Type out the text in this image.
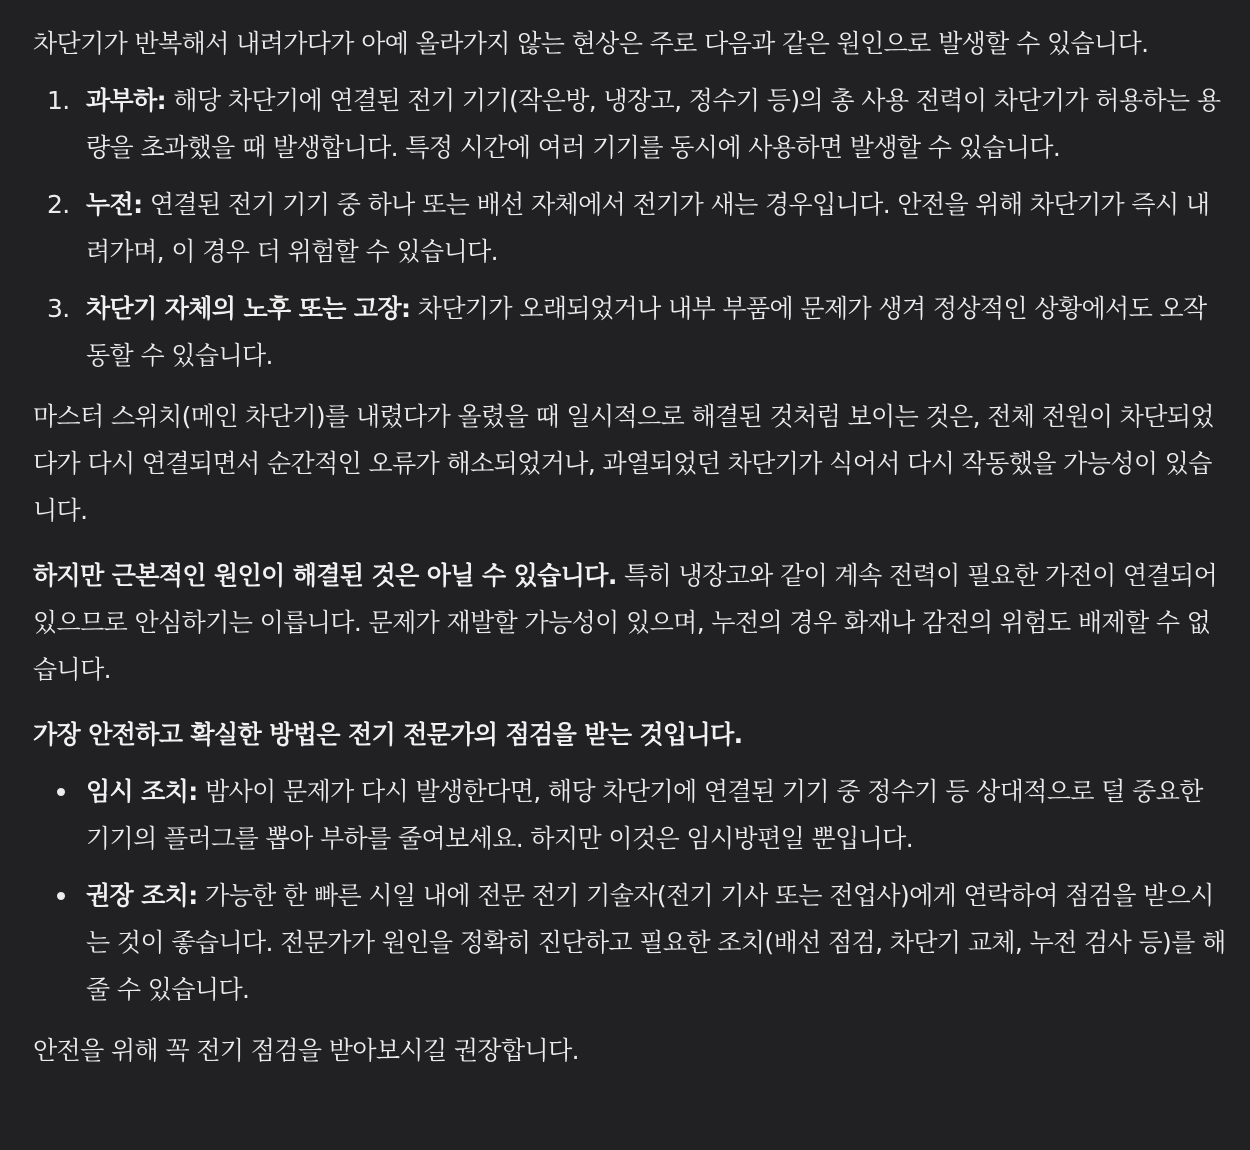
차단기가 반복해서 내려가다가 아예 올라가지 않는 현상은 주로 다음과 같은 원인으로 발생할 수 있습니다.

1. 과부하: 해당 차단기에 연결된 전기 기기(작은방, 냉장고, 정수기 등)의 총 사용 전력이 차단기가 허용하는 용량을 초과했을 때 발생합니다. 특정 시간에 여러 기기를 동시에 사용하면 발생할 수 있습니다.
2. 누전: 연결된 전기 기기 중 하나 또는 배선 자체에서 전기가 새는 경우입니다. 안전을 위해 차단기가 즉시 내려가며, 이 경우 더 위험할 수 있습니다.
3. 차단기 자체의 노후 또는 고장: 차단기가 오래되었거나 내부 부품에 문제가 생겨 정상적인 상황에서도 오작동할 수 있습니다.

마스터 스위치(메인 차단기)를 내렸다가 올렸을 때 일시적으로 해결된 것처럼 보이는 것은, 전체 전원이 차단되었다가 다시 연결되면서 순간적인 오류가 해소되었거나, 과열되었던 차단기가 식어서 다시 작동했을 가능성이 있습니다.

하지만 근본적인 원인이 해결된 것은 아닐 수 있습니다. 특히 냉장고와 같이 계속 전력이 필요한 가전이 연결되어 있으므로 안심하기는 이릅니다. 문제가 재발할 가능성이 있으며, 누전의 경우 화재나 감전의 위험도 배제할 수 없습니다.

가장 안전하고 확실한 방법은 전기 전문가의 점검을 받는 것입니다.

임시 조치: 밤사이 문제가 다시 발생한다면, 해당 차단기에 연결된 기기 중 정수기 등 상대적으로 덜 중요한 기기의 플러그를 뽑아 부하를 줄여보세요. 하지만 이것은 임시방편일 뿐입니다.
권장 조치: 가능한 한 빠른 시일 내에 전문 전기 기술자(전기 기사 또는 전업사)에게 연락하여 점검을 받으시는 것이 좋습니다. 전문가가 원인을 정확히 진단하고 필요한 조치(배선 점검, 차단기 교체, 누전 검사 등)를 해줄 수 있습니다.

안전을 위해 꼭 전기 점검을 받아보시길 권장합니다.
